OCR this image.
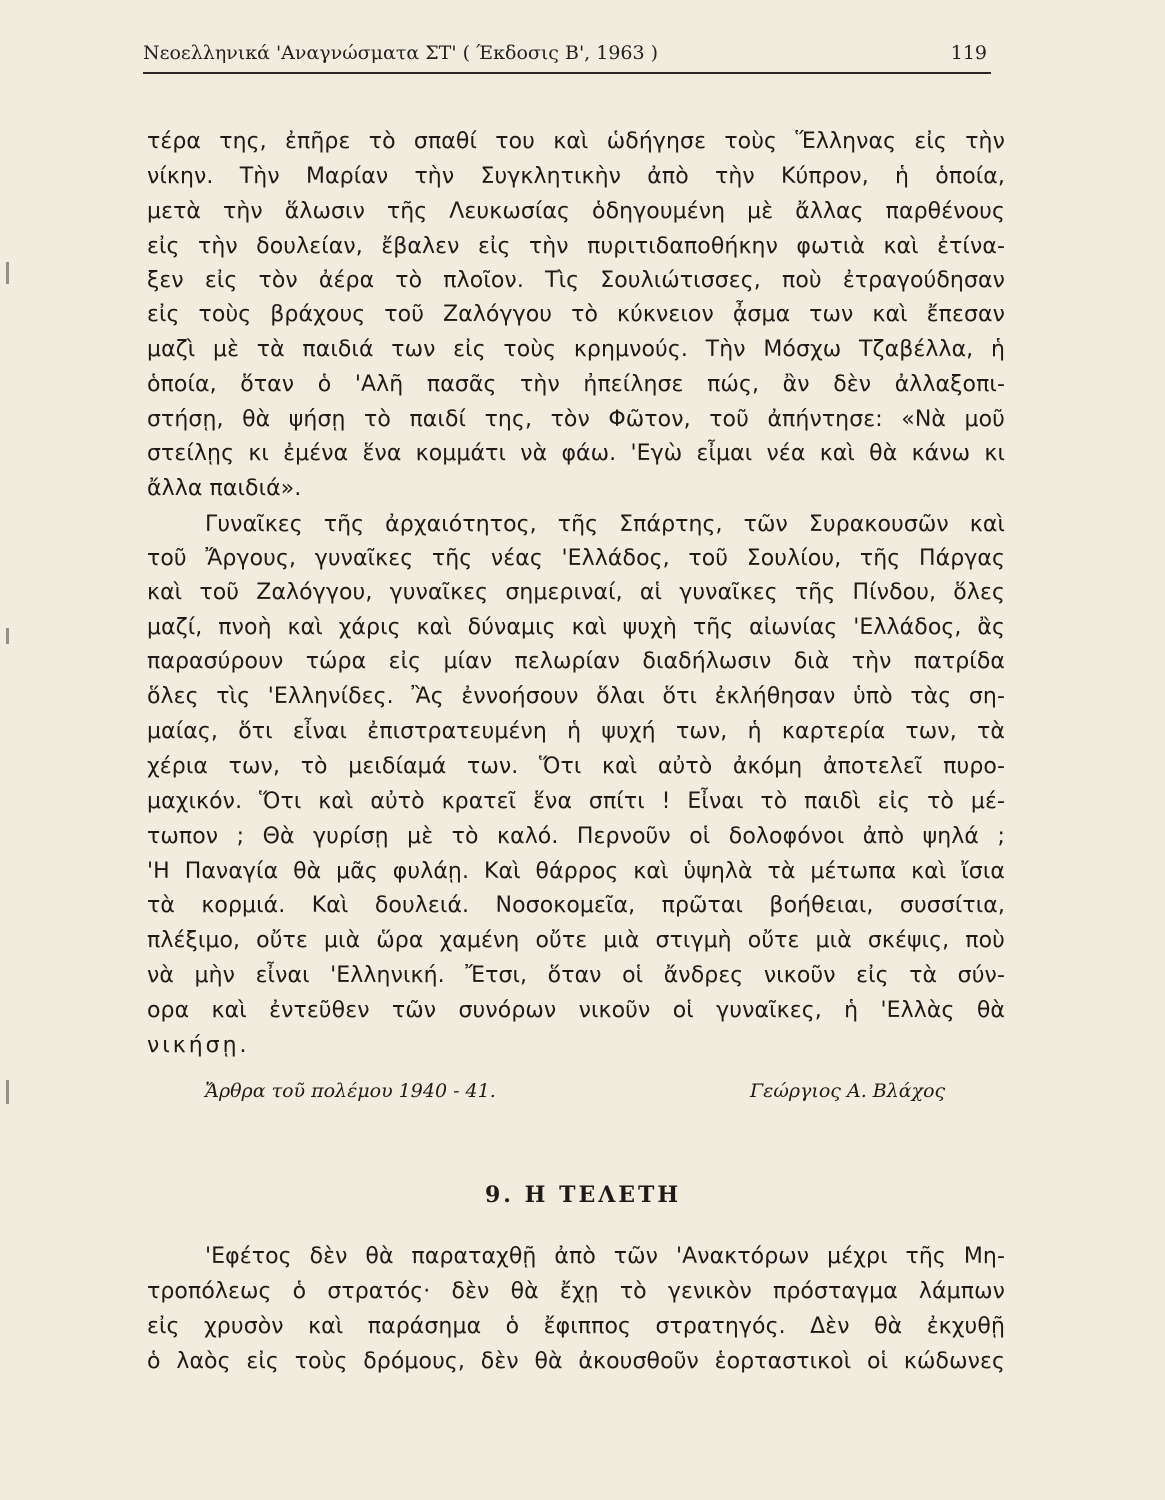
Νεοελληνικά 'Αναγνώσματα ΣΤ' ( Έκδοσις Β', 1963 )	119
τέρα της, ἐπῆρε τὸ σπαθί του καὶ ὡδήγησε τοὺς Ἕλληνας εἰς τὴν
νίκην. Τὴν Μαρίαν τὴν Συγκλητικὴν ἀπὸ τὴν Κύπρον, ἡ ὁποία,
μετὰ τὴν ἅλωσιν τῆς Λευκωσίας ὁδηγουμένη μὲ ἄλλας παρθένους
εἰς τὴν δουλείαν, ἔβαλεν εἰς τὴν πυριτιδαποθήκην φωτιὰ καὶ ἐτίνα-
ξεν εἰς τὸν ἀέρα τὸ πλοῖον. Τὶς Σουλιώτισσες, ποὺ ἐτραγούδησαν
εἰς τοὺς βράχους τοῦ Ζαλόγγου τὸ κύκνειον ᾆσμα των καὶ ἔπεσαν
μαζὶ μὲ τὰ παιδιά των εἰς τοὺς κρημνούς. Τὴν Μόσχω Τζαβέλλα, ἡ
ὁποία, ὅταν ὁ 'Αλῆ πασᾶς τὴν ἠπείλησε πώς, ἂν δὲν ἀλλαξοπι-
στήσῃ, θὰ ψήσῃ τὸ παιδί της, τὸν Φῶτον, τοῦ ἀπήντησε: «Νὰ μοῦ
στείλῃς κι ἐμένα ἕνα κομμάτι νὰ φάω. 'Εγὼ εἶμαι νέα καὶ θὰ κάνω κι
ἄλλα παιδιά».
Γυναῖκες τῆς ἀρχαιότητος, τῆς Σπάρτης, τῶν Συρακουσῶν καὶ
τοῦ Ἄργους, γυναῖκες τῆς νέας 'Ελλάδος, τοῦ Σουλίου, τῆς Πάργας
καὶ τοῦ Ζαλόγγου, γυναῖκες σημεριναί, αἱ γυναῖκες τῆς Πίνδου, ὅλες
μαζί, πνοὴ καὶ χάρις καὶ δύναμις καὶ ψυχὴ τῆς αἰωνίας 'Ελλάδος, ἂς
παρασύρουν τώρα εἰς μίαν πελωρίαν διαδήλωσιν διὰ τὴν πατρίδα
ὅλες τὶς 'Ελληνίδες. Ἂς ἐννοήσουν ὅλαι ὅτι ἐκλήθησαν ὑπὸ τὰς ση-
μαίας, ὅτι εἶναι ἐπιστρατευμένη ἡ ψυχή των, ἡ καρτερία των, τὰ
χέρια των, τὸ μειδίαμά των. Ὅτι καὶ αὐτὸ ἀκόμη ἀποτελεῖ πυρο-
μαχικόν. Ὅτι καὶ αὐτὸ κρατεῖ ἕνα σπίτι ! Εἶναι τὸ παιδὶ εἰς τὸ μέ-
τωπον ; Θὰ γυρίσῃ μὲ τὸ καλό. Περνοῦν οἱ δολοφόνοι ἀπὸ ψηλά ;
'Η Παναγία θὰ μᾶς φυλάῃ. Καὶ θάρρος καὶ ὑψηλὰ τὰ μέτωπα καὶ ἴσια
τὰ κορμιά. Καὶ δουλειά. Νοσοκομεῖα, πρῶται βοήθειαι, συσσίτια,
πλέξιμο, οὔτε μιὰ ὥρα χαμένη οὔτε μιὰ στιγμὴ οὔτε μιὰ σκέψις, ποὺ
νὰ μὴν εἶναι 'Ελληνική. Ἔτσι, ὅταν οἱ ἄνδρες νικοῦν εἰς τὰ σύν-
ορα καὶ ἐντεῦθεν τῶν συνόρων νικοῦν οἱ γυναῖκες, ἡ 'Ελλὰς θὰ
νικήσῃ.
Ἄρθρα τοῦ πολέμου 1940 - 41.	Γεώργιος Α. Βλάχος
9. Η ΤΕΛΕΤΗ
'Εφέτος δὲν θὰ παραταχθῇ ἀπὸ τῶν 'Ανακτόρων μέχρι τῆς Μη-
τροπόλεως ὁ στρατός· δὲν θὰ ἔχῃ τὸ γενικὸν πρόσταγμα λάμπων
εἰς χρυσὸν καὶ παράσημα ὁ ἔφιππος στρατηγός. Δὲν θὰ ἐκχυθῇ
ὁ λαὸς εἰς τοὺς δρόμους, δὲν θὰ ἀκουσθοῦν ἑορταστικοὶ οἱ κώδωνες
